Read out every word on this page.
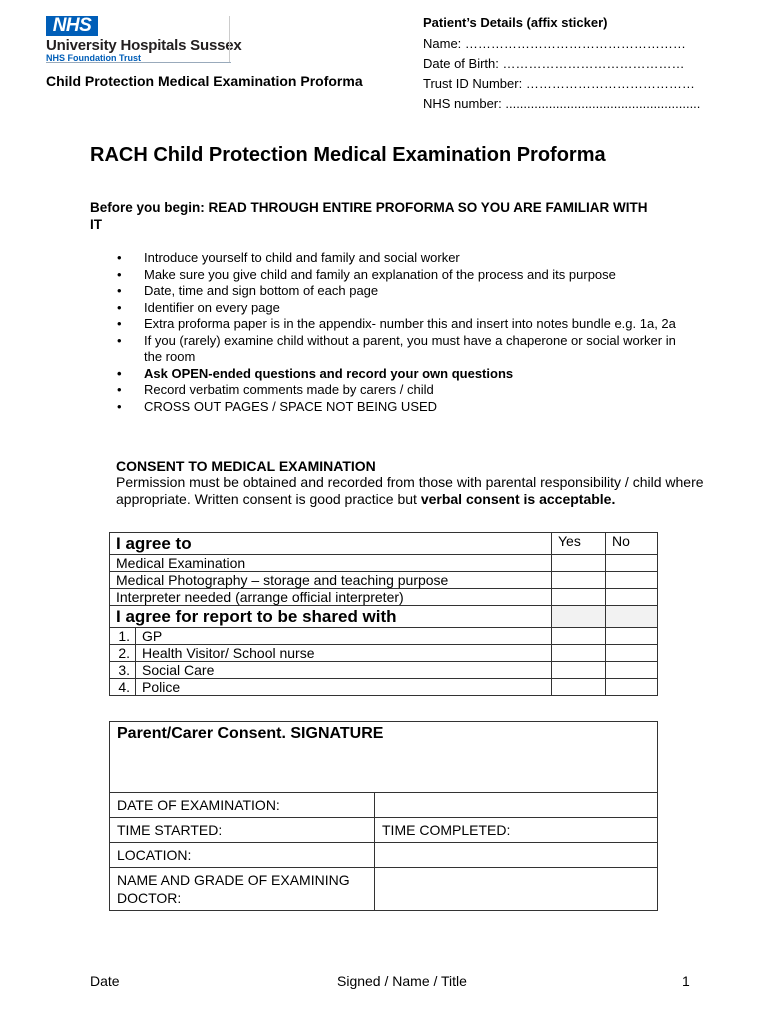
NHS
University Hospitals Sussex
NHS Foundation Trust
Child Protection Medical Examination Proforma
Patient’s Details (affix sticker)
Name: ……………………………………………
Date of Birth: ……………………………………
Trust ID Number: …………………………………
NHS number: ......................................................
RACH Child Protection Medical Examination Proforma
Before you begin: READ THROUGH ENTIRE PROFORMA SO YOU ARE FAMILIAR WITH IT
• Introduce yourself to child and family and social worker
• Make sure you give child and family an explanation of the process and its purpose
• Date, time and sign bottom of each page
• Identifier on every page
• Extra proforma paper is in the appendix- number this and insert into notes bundle e.g. 1a, 2a
• If you (rarely) examine child without a parent, you must have a chaperone or social worker in the room
• Ask OPEN-ended questions and record your own questions
• Record verbatim comments made by carers / child
• CROSS OUT PAGES / SPACE NOT BEING USED
CONSENT TO MEDICAL EXAMINATION
Permission must be obtained and recorded from those with parental responsibility / child where appropriate. Written consent is good practice but verbal consent is acceptable.
I agree to		Yes	No
Medical Examination			
Medical Photography – storage and teaching purpose			
Interpreter needed (arrange official interpreter)			
I agree for report to be shared with			
1.	GP		
2.	Health Visitor/ School nurse		
3.	Social Care		
4.	Police		
Parent/Carer Consent. SIGNATURE	
DATE OF EXAMINATION:	
TIME STARTED:	TIME COMPLETED:
LOCATION:	
NAME AND GRADE OF EXAMINING DOCTOR:	
Date	Signed / Name / Title	1
